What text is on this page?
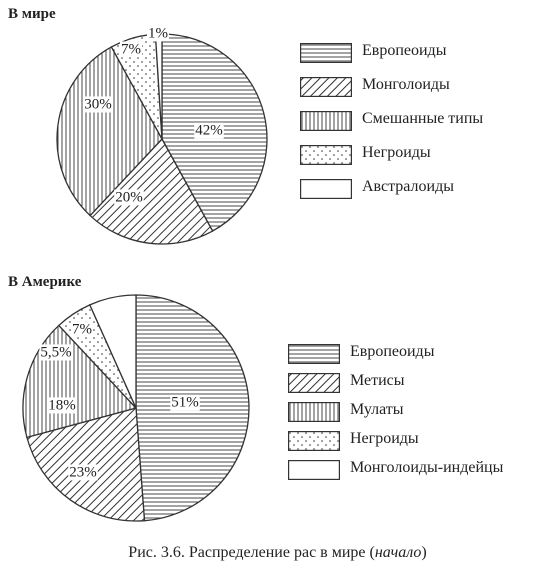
В мире
42%
20%
30%
7%
1%
Европеоиды
Монголоиды
Смешанные типы
Негроиды
Австралоиды
В Америке
51%
23%
18%
5,5%
7%
Европеоиды
Метисы
Мулаты
Негроиды
Монголоиды-индейцы
Рис. 3.6. Распределение рас в мире (начало)
